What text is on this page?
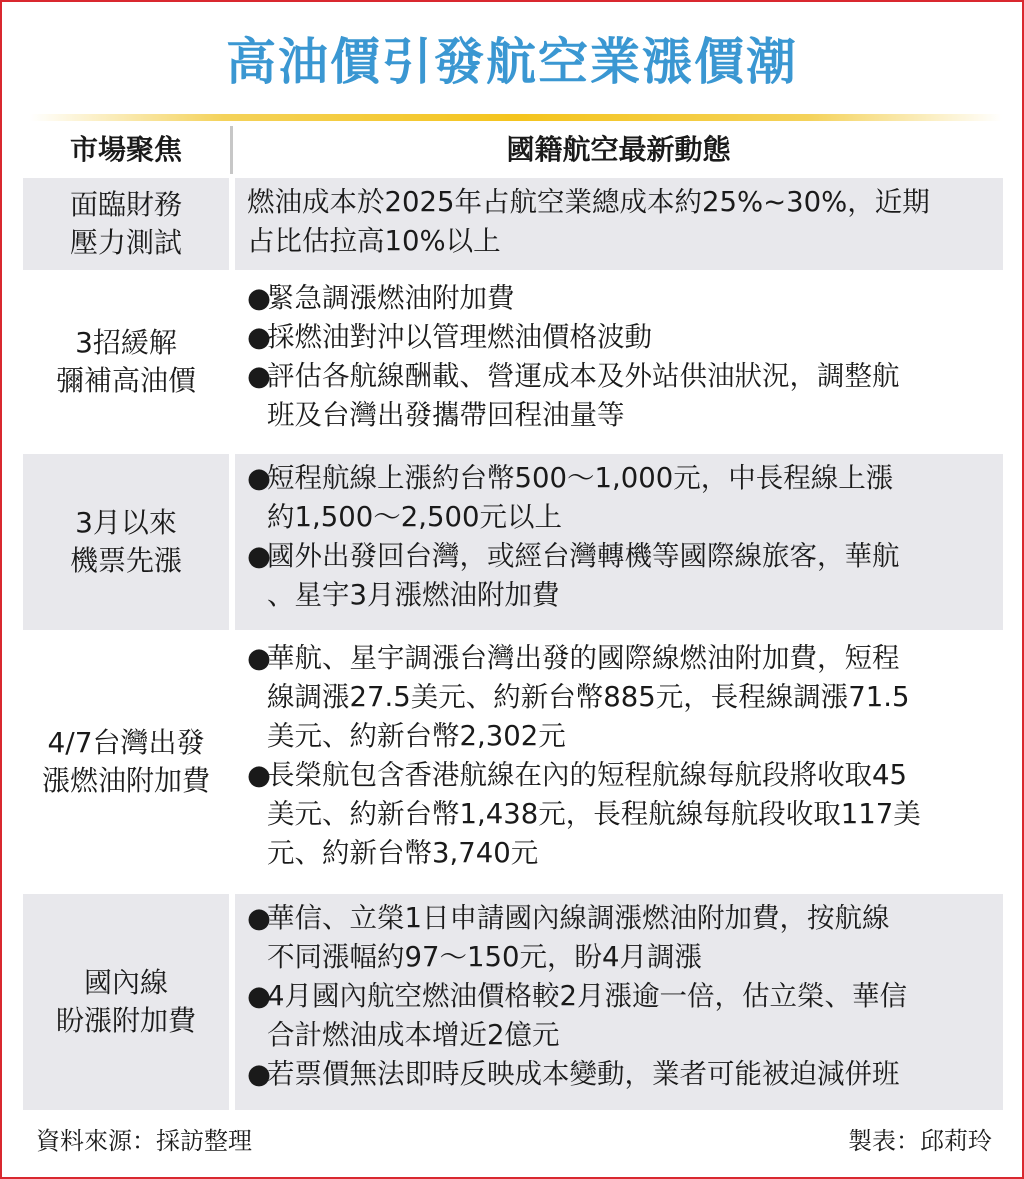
高油價引發航空業漲價潮
市場聚焦	國籍航空最新動態
面臨財務
壓力測試
燃油成本於2025年占航空業總成本約25%~30%，近期
占比估拉高10%以上
3招緩解
彌補高油價
●
緊急調漲燃油附加費
●
採燃油對沖以管理燃油價格波動
●
評估各航線酬載、營運成本及外站供油狀況，調整航
班及台灣出發攜帶回程油量等
3月以來
機票先漲
●
短程航線上漲約台幣500～1,000元，中長程線上漲
約1,500～2,500元以上
●
國外出發回台灣，或經台灣轉機等國際線旅客，華航
、星宇3月漲燃油附加費
4/7台灣出發
漲燃油附加費
●
華航、星宇調漲台灣出發的國際線燃油附加費，短程
線調漲27.5美元、約新台幣885元，長程線調漲71.5
美元、約新台幣2,302元
●
長榮航包含香港航線在內的短程航線每航段將收取45
美元、約新台幣1,438元，長程航線每航段收取117美
元、約新台幣3,740元
國內線
盼漲附加費
●
華信、立榮1日申請國內線調漲燃油附加費，按航線
不同漲幅約97～150元，盼4月調漲
●
4月國內航空燃油價格較2月漲逾一倍，估立榮、華信
合計燃油成本增近2億元
●
若票價無法即時反映成本變動，業者可能被迫減併班
資料來源：採訪整理	製表：邱莉玲
